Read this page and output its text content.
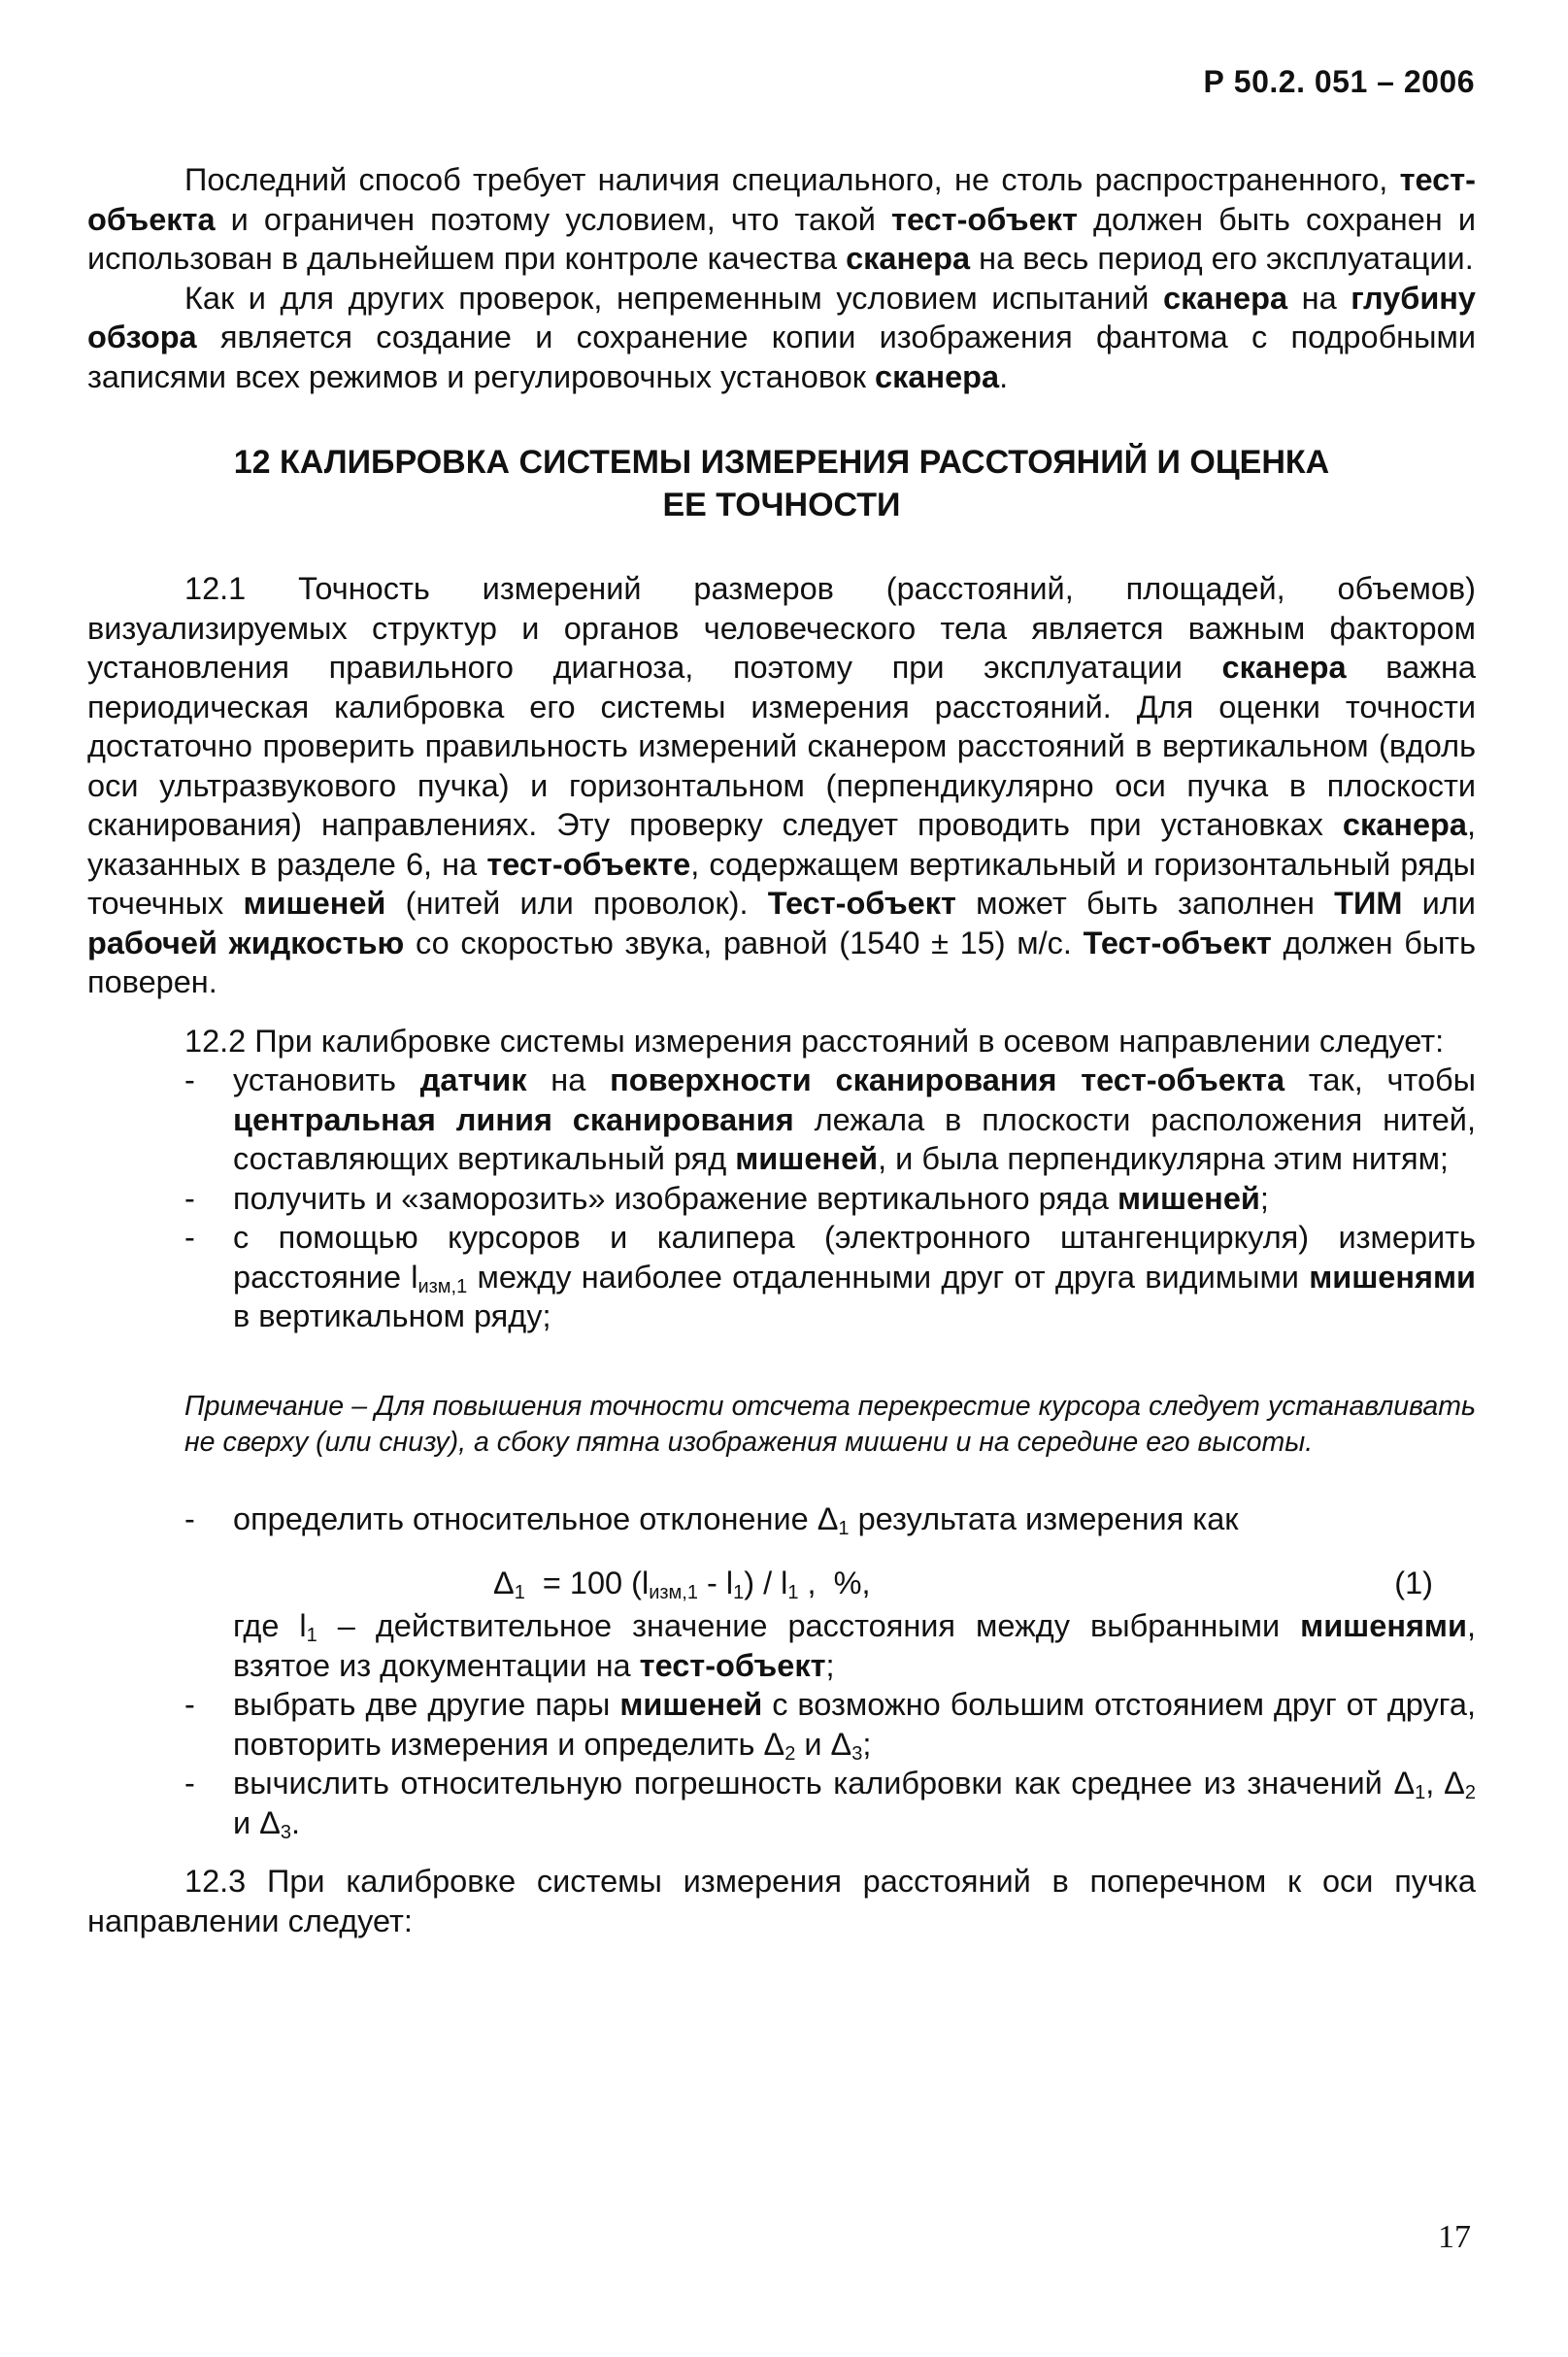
Р 50.2. 051 – 2006

Последний способ требует наличия специального, не столь распространенного, тест-объекта и ограничен поэтому условием, что такой тест-объект должен быть сохранен и использован в дальнейшем при контроле качества сканера на весь период его эксплуатации.

Как и для других проверок, непременным условием испытаний сканера на глубину обзора является создание и сохранение копии изображения фантома с подробными записями всех режимов и регулировочных установок сканера.

12 КАЛИБРОВКА СИСТЕМЫ ИЗМЕРЕНИЯ РАССТОЯНИЙ И ОЦЕНКА
ЕЕ ТОЧНОСТИ

12.1 Точность измерений размеров (расстояний, площадей, объемов) визуализируемых структур и органов человеческого тела является важным фактором установления правильного диагноза, поэтому при эксплуатации сканера важна периодическая калибровка его системы измерения расстояний. Для оценки точности достаточно проверить правильность измерений сканером расстояний в вертикальном (вдоль оси ультразвукового пучка) и горизонтальном (перпендикулярно оси пучка в плоскости сканирования) направлениях. Эту проверку следует проводить при установках сканера, указанных в разделе 6, на тест-объекте, содержащем вертикальный и горизонтальный ряды точечных мишеней (нитей или проволок). Тест-объект может быть заполнен ТИМ или рабочей жидкостью со скоростью звука, равной (1540 ± 15) м/с. Тест-объект должен быть поверен.

12.2 При калибровке системы измерения расстояний в осевом направлении следует:

- установить датчик на поверхности сканирования тест-объекта так, чтобы центральная линия сканирования лежала в плоскости расположения нитей, составляющих вертикальный ряд мишеней, и была перпендикулярна этим нитям;
- получить и «заморозить» изображение вертикального ряда мишеней;
- с помощью курсоров и калипера (электронного штангенциркуля) измерить расстояние $l_{изм,1}$ между наиболее отдаленными друг от друга видимыми мишенями в вертикальном ряду;
Примечание – Для повышения точности отсчета перекрестие курсора следует устанавливать не сверху (или снизу), а сбоку пятна изображения мишени и на середине его высоты.
- определить относительное отклонение $\Delta_1$ результата измерения как
$\Delta_1 = 100$ $(l_{изм,1} - l_1) / l_1$ ,  %,	(1)
где $l_1$ – действительное значение расстояния между выбранными мишенями, взятое из документации на тест-объект;
- выбрать две другие пары мишеней с возможно большим отстоянием друг от друга, повторить измерения и определить $\Delta_2$ и $\Delta_3$;
- вычислить относительную погрешность калибровки как среднее из значений $\Delta_1$, $\Delta_2$ и $\Delta_3$.

12.3 При калибровке системы измерения расстояний в поперечном к оси пучка направлении следует:

17
